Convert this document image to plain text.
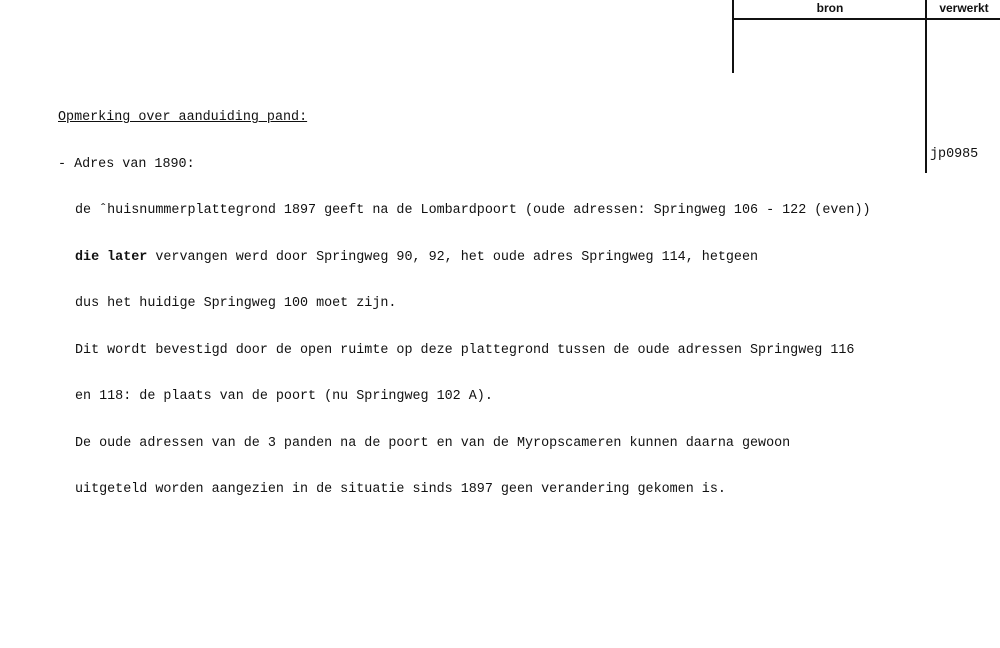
bron	verwerkt

Opmerking over aanduiding pand:

- Adres van 1890:

de ˆhuisnummerplattegrond 1897 geeft na de Lombardpoort (oude adressen: Springweg 106 - 122 (even))

die later vervangen werd door Springweg 90, 92, het oude adres Springweg 114, hetgeen

dus het huidige Springweg 100 moet zijn.

Dit wordt bevestigd door de open ruimte op deze plattegrond tussen de oude adressen Springweg 116

en 118: de plaats van de poort (nu Springweg 102 A).

De oude adressen van de 3 panden na de poort en van de Myropscameren kunnen daarna gewoon

uitgeteld worden aangezien in de situatie sinds 1897 geen verandering gekomen is.

jp0985
